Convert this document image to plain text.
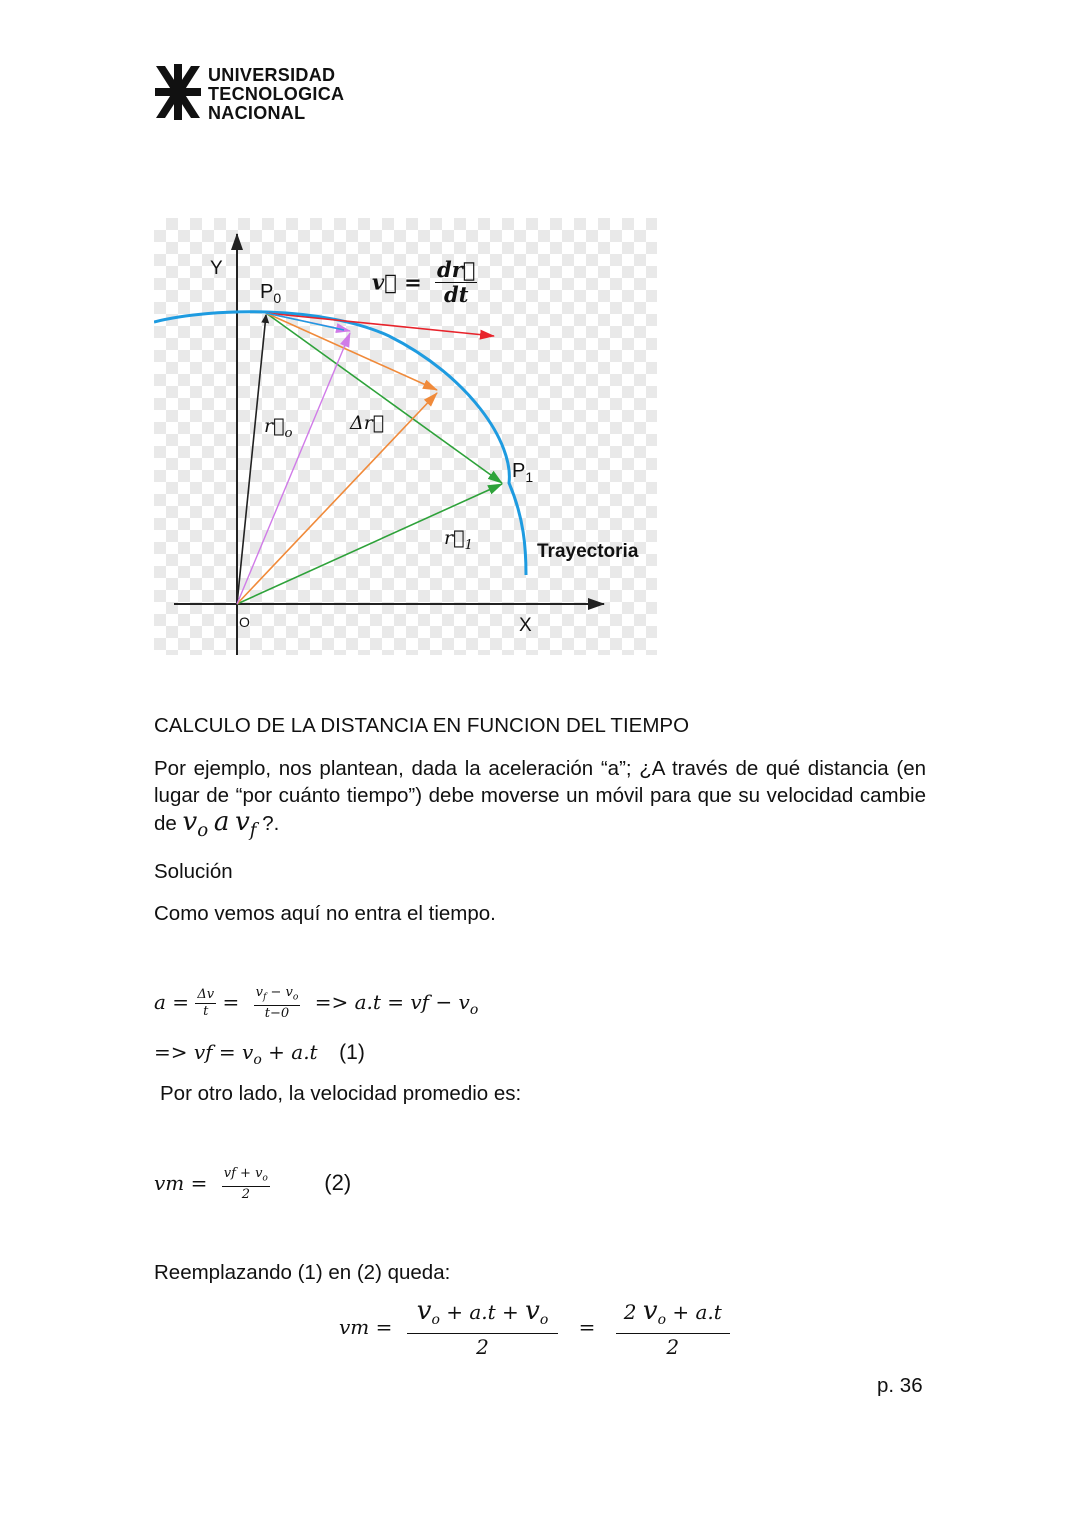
UNIVERSIDAD
TECNOLOGICA
NACIONAL
Y
X
O
$P_0$
$P_1$
v⃗ = $\frac{dr⃗}{dt}$
$r⃗_o$	Δr⃗
$r⃗_1$	Trayectoria
CALCULO DE LA DISTANCIA EN FUNCION DEL TIEMPO
Por ejemplo, nos plantean, dada la aceleración “a”; ¿A través de qué distancia (en lugar de “por cuánto tiempo”) debe moverse un móvil para que su velocidad cambie de $v_o$ a $v_f$ ?.
Solución
Como vemos aquí no entra el tiempo.
$a = \frac{\Delta v}{t} = \frac{v_f - v_o}{t-0} => a.t$ = vf − $v_o$
=> vf = $v_o + a.t$ (1)
Por otro lado, la velocidad promedio es:
vm = $\frac{vf + v_o}{2} (2)$
Reemplazando (1) en (2) queda:
vm = $\frac{v_o + a.t + v_o}{2} = \frac{2 v_o + a.t}{2}$
p. 36
